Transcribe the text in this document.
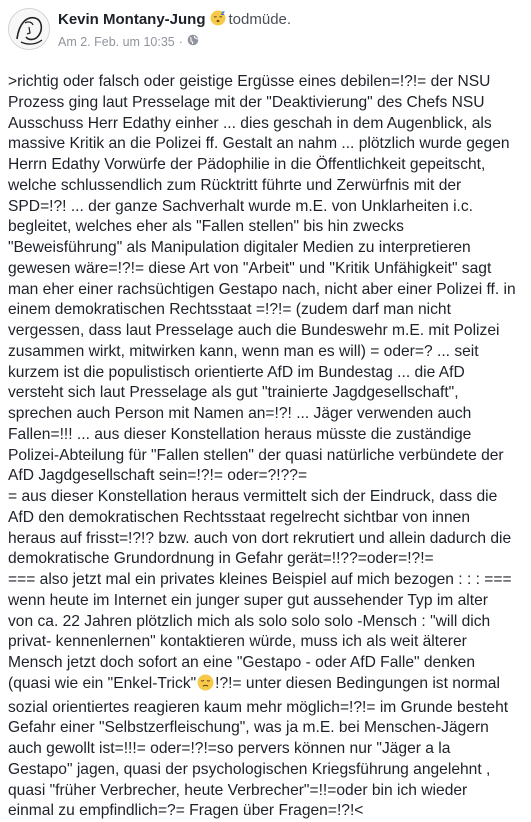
Kevin Montany-Jung todmüde.
Am 2. Feb. um 10:35 ·
>richtig oder falsch oder geistige Ergüsse eines debilen=!?!= der NSU Prozess ging laut Presselage mit der "Deaktivierung" des Chefs NSU Ausschuss Herr Edathy einher ... dies geschah in dem Augenblick, als massive Kritik an die Polizei ff. Gestalt an nahm ... plötzlich wurde gegen Herrn Edathy Vorwürfe der Pädophilie in die Öffentlichkeit gepeitscht, welche schlussendlich zum Rücktritt führte und Zerwürfnis mit der SPD=!?! ... der ganze Sachverhalt wurde m.E. von Unklarheiten i.c. begleitet, welches eher als "Fallen stellen" bis hin zwecks "Beweisführung" als Manipulation digitaler Medien zu interpretieren gewesen wäre=!?!= diese Art von "Arbeit" und "Kritik Unfähigkeit" sagt man eher einer rachsüchtigen Gestapo nach, nicht aber einer Polizei ff. in einem demokratischen Rechtsstaat =!?!= (zudem darf man nicht vergessen, dass laut Presselage auch die Bundeswehr m.E. mit Polizei zusammen wirkt, mitwirken kann, wenn man es will) = oder=? ... seit kurzem ist die populistisch orientierte AfD im Bundestag ... die AfD versteht sich laut Presselage als gut "trainierte Jagdgesellschaft", sprechen auch Person mit Namen an=!?! ... Jäger verwenden auch Fallen=!!! ... aus dieser Konstellation heraus müsste die zuständige Polizei-Abteilung für "Fallen stellen" der quasi natürliche verbündete der AfD Jagdgesellschaft sein=!?!= oder=?!??=
= aus dieser Konstellation heraus vermittelt sich der Eindruck, dass die AfD den demokratischen Rechtsstaat regelrecht sichtbar von innen heraus auf frisst=!?!? bzw. auch von dort rekrutiert und allein dadurch die demokratische Grundordnung in Gefahr gerät=!!??=oder=!?!=
=== also jetzt mal ein privates kleines Beispiel auf mich bezogen : : : === wenn heute im Internet ein junger super gut aussehender Typ im alter von ca. 22 Jahren plötzlich mich als solo solo solo -Mensch : "will dich privat- kennenlernen" kontaktieren würde, muss ich als weit älterer Mensch jetzt doch sofort an eine "Gestapo - oder AfD Falle" denken (quasi wie ein "Enkel-Trick" !?!= unter diesen Bedingungen ist normal sozial orientiertes reagieren kaum mehr möglich=!?!= im Grunde besteht Gefahr einer "Selbstzerfleischung", was ja m.E. bei Menschen-Jägern auch gewollt ist=!!!= oder=!?!=so pervers können nur "Jäger a la Gestapo" jagen, quasi der psychologischen Kriegsführung angelehnt , quasi "früher Verbrecher, heute Verbrecher"=!!=oder bin ich wieder einmal zu empfindlich=?= Fragen über Fragen=!?!<
